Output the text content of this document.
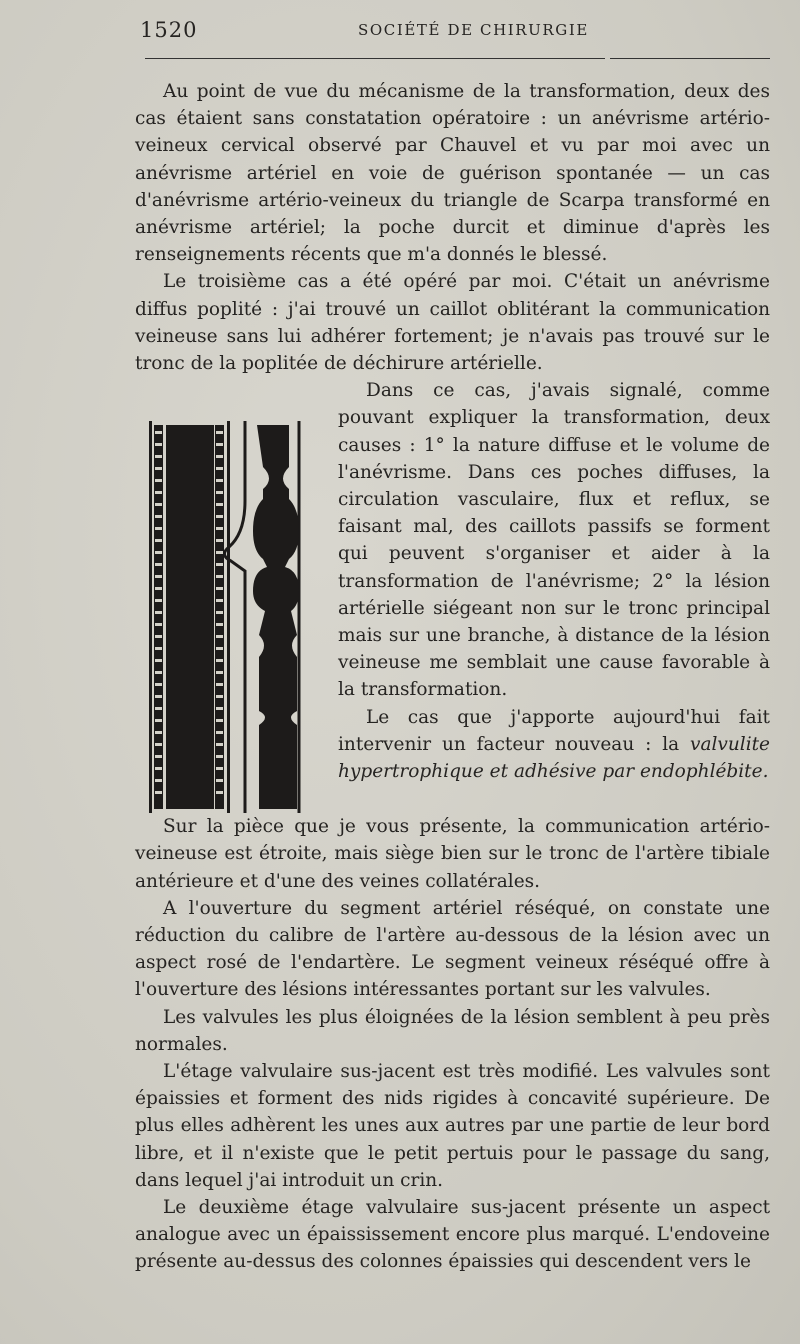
1520	SOCIÉTÉ DE CHIRURGIE

Au point de vue du mécanisme de la transformation, deux des cas étaient sans constatation opératoire : un anévrisme artério-veineux cervical observé par Chauvel et vu par moi avec un anévrisme artériel en voie de guérison spontanée — un cas d'anévrisme artério-veineux du triangle de Scarpa transformé en anévrisme artériel; la poche durcit et diminue d'après les renseignements récents que m'a donnés le blessé.

Le troisième cas a été opéré par moi. C'était un anévrisme diffus poplité : j'ai trouvé un caillot oblitérant la communication veineuse sans lui adhérer fortement; je n'avais pas trouvé sur le tronc de la poplitée de déchirure artérielle.

Dans ce cas, j'avais signalé, comme pouvant expliquer la transformation, deux causes : 1° la nature diffuse et le volume de l'anévrisme. Dans ces poches diffuses, la circulation vasculaire, flux et reflux, se faisant mal, des caillots passifs se forment qui peuvent s'organiser et aider à la transformation de l'anévrisme; 2° la lésion artérielle siégeant non sur le tronc principal mais sur une branche, à distance de la lésion veineuse me semblait une cause favorable à la transformation.

Le cas que j'apporte aujourd'hui fait intervenir un facteur nouveau : la valvulite hypertrophique et adhésive par endophlébite.

Sur la pièce que je vous présente, la communication artério-veineuse est étroite, mais siège bien sur le tronc de l'artère tibiale antérieure et d'une des veines collatérales.

A l'ouverture du segment artériel réséqué, on constate une réduction du calibre de l'artère au-dessous de la lésion avec un aspect rosé de l'endartère. Le segment veineux réséqué offre à l'ouverture des lésions intéressantes portant sur les valvules.

Les valvules les plus éloignées de la lésion semblent à peu près normales.

L'étage valvulaire sus-jacent est très modifié. Les valvules sont épaissies et forment des nids rigides à concavité supérieure. De plus elles adhèrent les unes aux autres par une partie de leur bord libre, et il n'existe que le petit pertuis pour le passage du sang, dans lequel j'ai introduit un crin.

Le deuxième étage valvulaire sus-jacent présente un aspect analogue avec un épaississement encore plus marqué. L'endoveine présente au-dessus des colonnes épaissies qui descendent vers le
